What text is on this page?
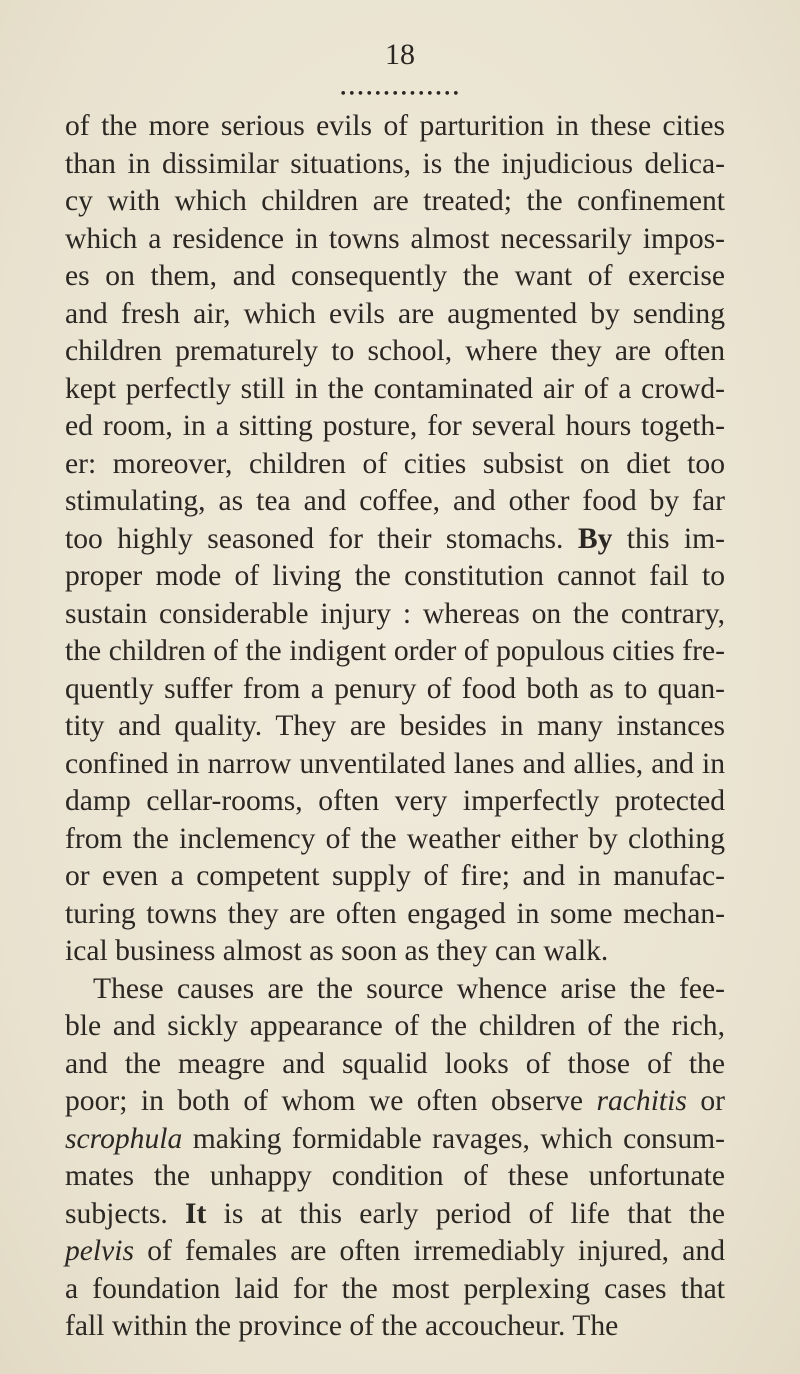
18
••••••••••••••
of the more serious evils of parturition in these cities
than in dissimilar situations, is the injudicious delica-
cy with which children are treated; the confinement
which a residence in towns almost necessarily impos-
es on them, and consequently the want of exercise
and fresh air, which evils are augmented by sending
children prematurely to school, where they are often
kept perfectly still in the contaminated air of a crowd-
ed room, in a sitting posture, for several hours togeth-
er: moreover, children of cities subsist on diet too
stimulating, as tea and coffee, and other food by far
too highly seasoned for their stomachs. By this im-
proper mode of living the constitution cannot fail to
sustain considerable injury : whereas on the contrary,
the children of the indigent order of populous cities fre-
quently suffer from a penury of food both as to quan-
tity and quality. They are besides in many instances
confined in narrow unventilated lanes and allies, and in
damp cellar-rooms, often very imperfectly protected
from the inclemency of the weather either by clothing
or even a competent supply of fire; and in manufac-
turing towns they are often engaged in some mechan-
ical business almost as soon as they can walk.
These causes are the source whence arise the fee-
ble and sickly appearance of the children of the rich,
and the meagre and squalid looks of those of the
poor; in both of whom we often observe rachitis or
scrophula making formidable ravages, which consum-
mates the unhappy condition of these unfortunate
subjects. It is at this early period of life that the
pelvis of females are often irremediably injured, and
a foundation laid for the most perplexing cases that
fall within the province of the accoucheur. The
